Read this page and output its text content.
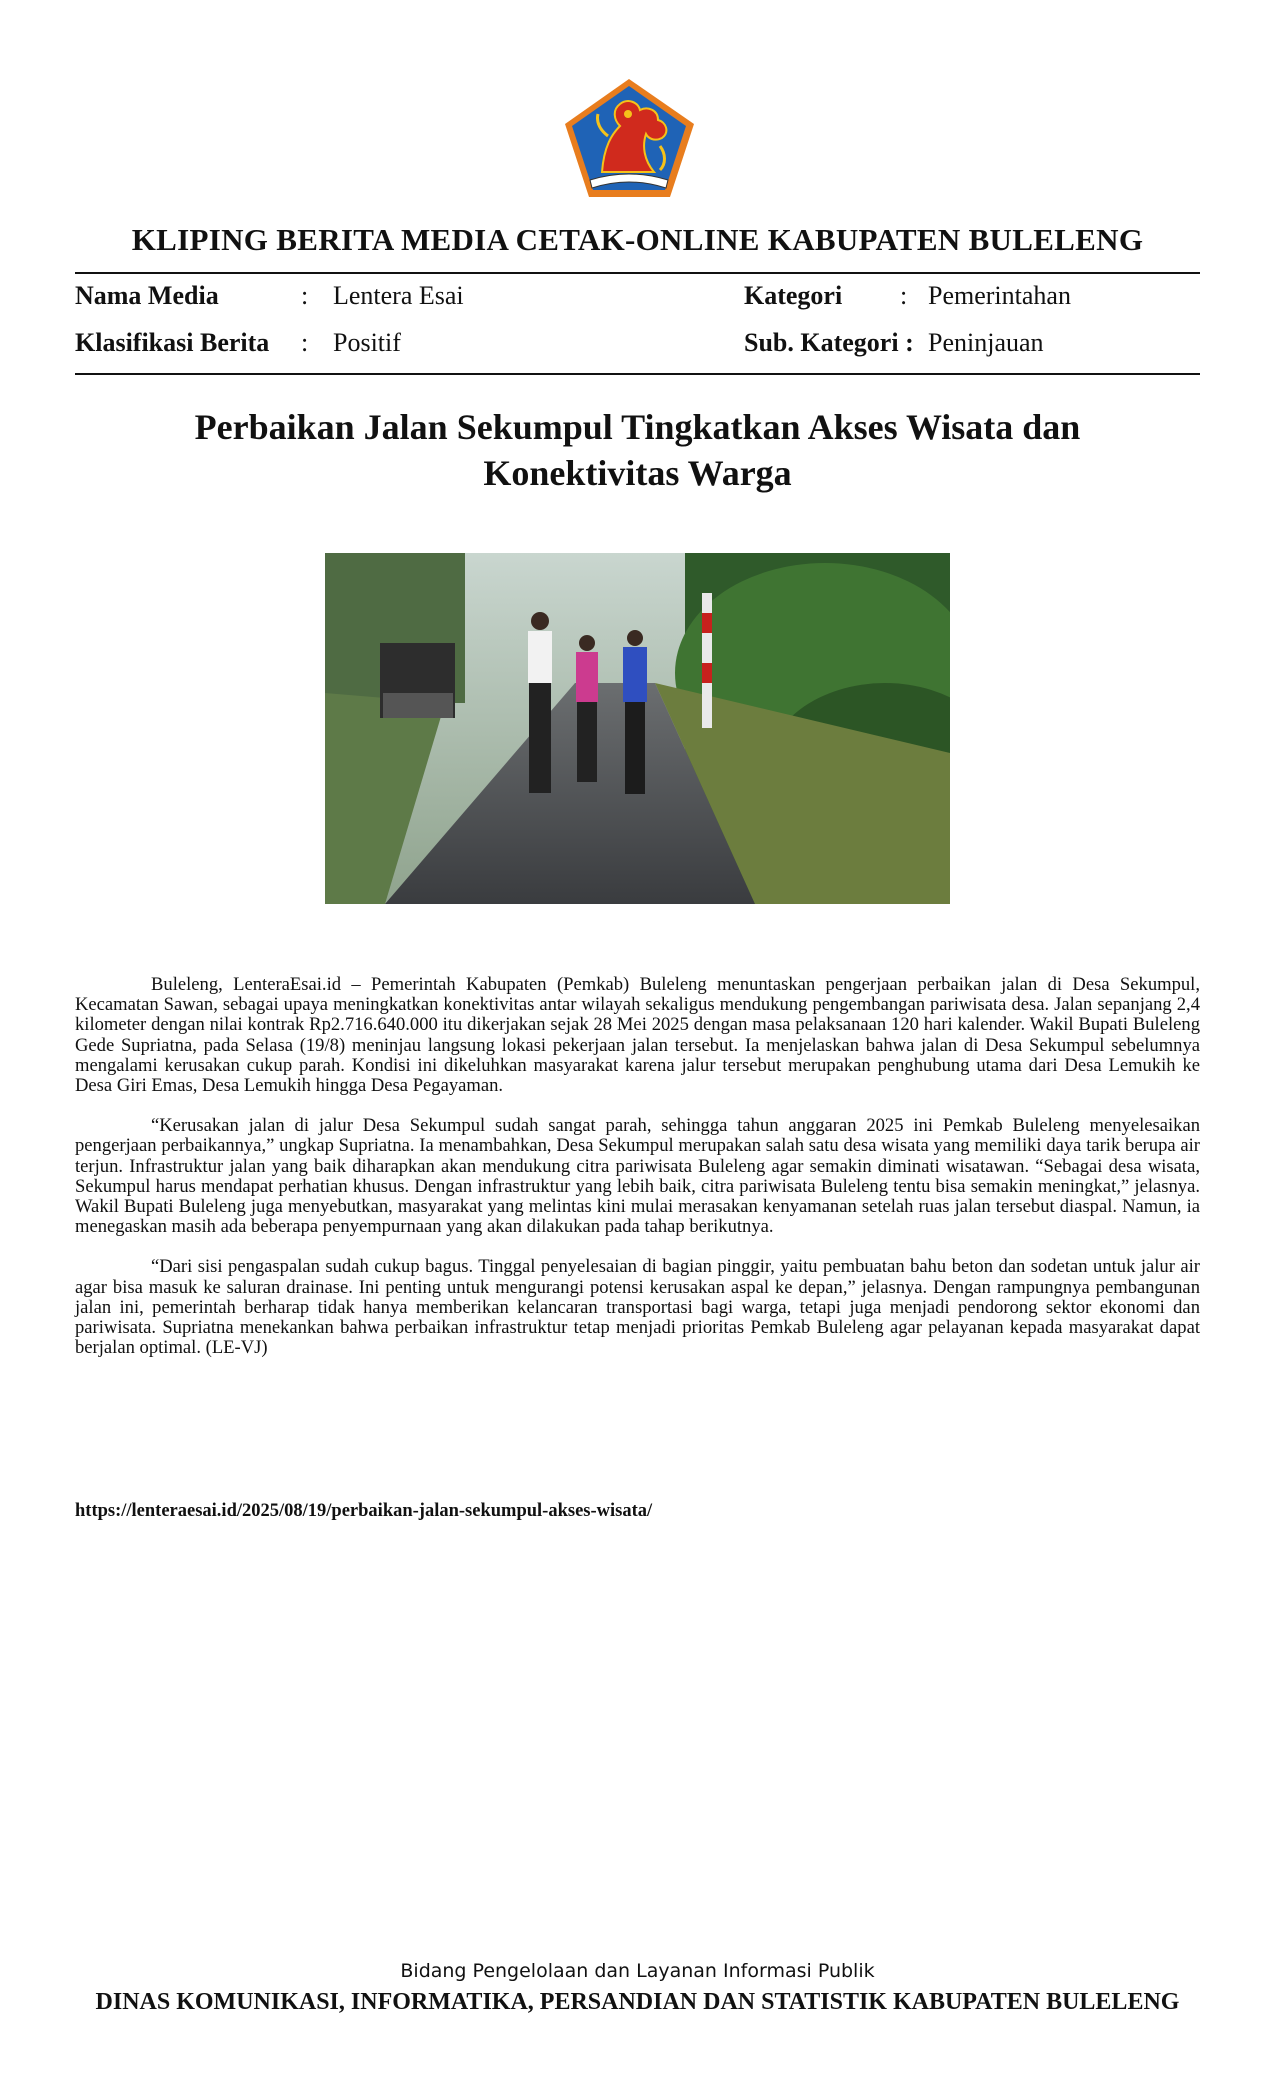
KLIPING BERITA MEDIA CETAK-ONLINE KABUPATEN BULELENG
Nama Media	: Lentera Esai	Kategori : Pemerintahan
Klasifikasi Berita : Positif	Sub. Kategori : Peninjauan
Perbaikan Jalan Sekumpul Tingkatkan Akses Wisata dan
Konektivitas Warga

Buleleng, LenteraEsai.id – Pemerintah Kabupaten (Pemkab) Buleleng menuntaskan pengerjaan perbaikan jalan di Desa Sekumpul, Kecamatan Sawan, sebagai upaya meningkatkan konektivitas antar wilayah sekaligus mendukung pengembangan pariwisata desa. Jalan sepanjang 2,4 kilometer dengan nilai kontrak Rp2.716.640.000 itu dikerjakan sejak 28 Mei 2025 dengan masa pelaksanaan 120 hari kalender. Wakil Bupati Buleleng Gede Supriatna, pada Selasa (19/8) meninjau langsung lokasi pekerjaan jalan tersebut. Ia menjelaskan bahwa jalan di Desa Sekumpul sebelumnya mengalami kerusakan cukup parah. Kondisi ini dikeluhkan masyarakat karena jalur tersebut merupakan penghubung utama dari Desa Lemukih ke Desa Giri Emas, Desa Lemukih hingga Desa Pegayaman.

“Kerusakan jalan di jalur Desa Sekumpul sudah sangat parah, sehingga tahun anggaran 2025 ini Pemkab Buleleng menyelesaikan pengerjaan perbaikannya,” ungkap Supriatna. Ia menambahkan, Desa Sekumpul merupakan salah satu desa wisata yang memiliki daya tarik berupa air terjun. Infrastruktur jalan yang baik diharapkan akan mendukung citra pariwisata Buleleng agar semakin diminati wisatawan. “Sebagai desa wisata, Sekumpul harus mendapat perhatian khusus. Dengan infrastruktur yang lebih baik, citra pariwisata Buleleng tentu bisa semakin meningkat,” jelasnya. Wakil Bupati Buleleng juga menyebutkan, masyarakat yang melintas kini mulai merasakan kenyamanan setelah ruas jalan tersebut diaspal. Namun, ia menegaskan masih ada beberapa penyempurnaan yang akan dilakukan pada tahap berikutnya.

“Dari sisi pengaspalan sudah cukup bagus. Tinggal penyelesaian di bagian pinggir, yaitu pembuatan bahu beton dan sodetan untuk jalur air agar bisa masuk ke saluran drainase. Ini penting untuk mengurangi potensi kerusakan aspal ke depan,” jelasnya. Dengan rampungnya pembangunan jalan ini, pemerintah berharap tidak hanya memberikan kelancaran transportasi bagi warga, tetapi juga menjadi pendorong sektor ekonomi dan pariwisata. Supriatna menekankan bahwa perbaikan infrastruktur tetap menjadi prioritas Pemkab Buleleng agar pelayanan kepada masyarakat dapat berjalan optimal. (LE-VJ)

https://lenteraesai.id/2025/08/19/perbaikan-jalan-sekumpul-akses-wisata/
Bidang Pengelolaan dan Layanan Informasi Publik
DINAS KOMUNIKASI, INFORMATIKA, PERSANDIAN DAN STATISTIK KABUPATEN BULELENG
